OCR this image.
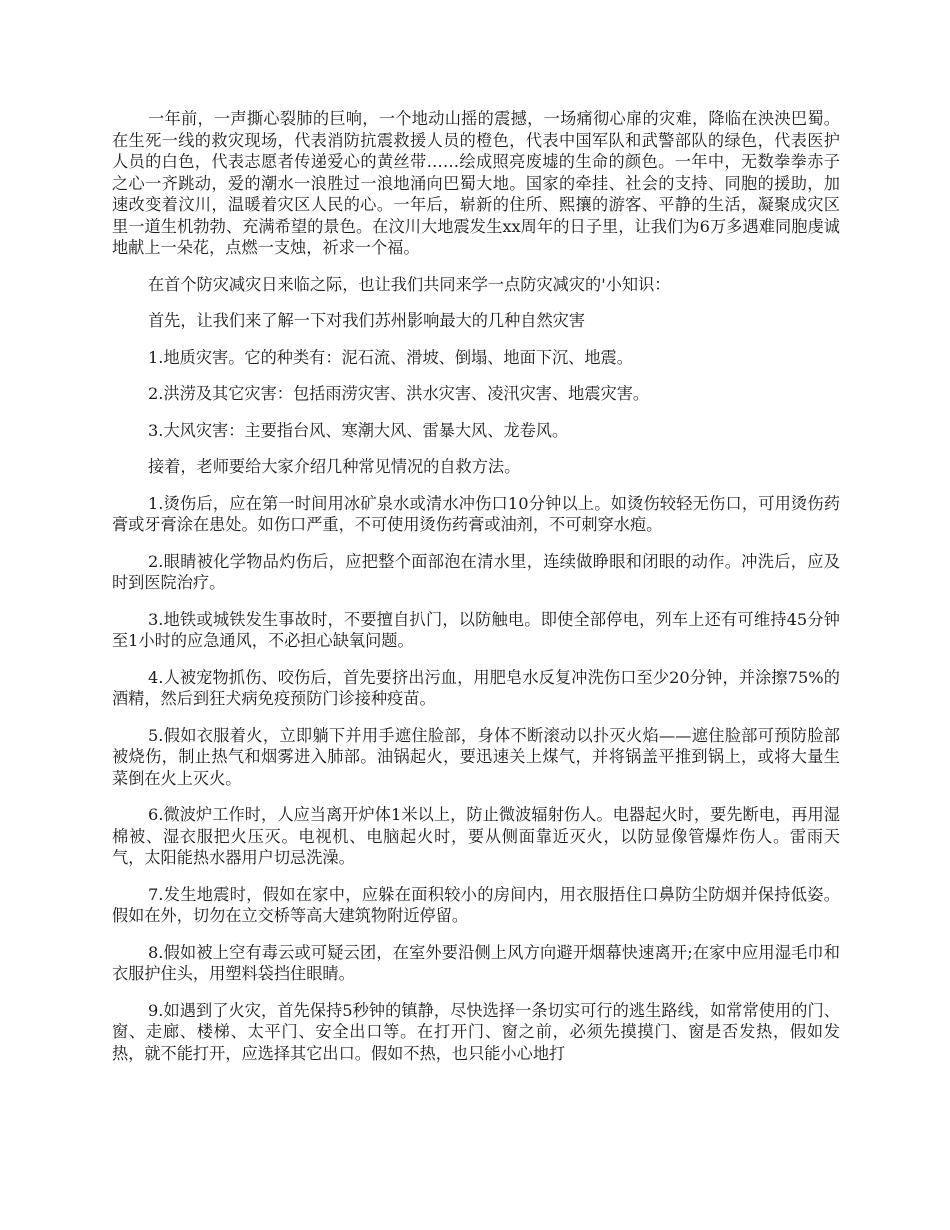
一年前，一声撕心裂肺的巨响，一个地动山摇的震撼，一场痛彻心扉的灾难，降临在泱泱巴蜀。在生死一线的救灾现场，代表消防抗震救援人员的橙色，代表中国军队和武警部队的绿色，代表医护人员的白色，代表志愿者传递爱心的黄丝带……绘成照亮废墟的生命的颜色。一年中，无数拳拳赤子之心一齐跳动，爱的潮水一浪胜过一浪地涌向巴蜀大地。国家的牵挂、社会的支持、同胞的援助，加速改变着汶川，温暖着灾区人民的心。一年后，崭新的住所、熙攘的游客、平静的生活，凝聚成灾区里一道生机勃勃、充满希望的景色。在汶川大地震发生xx周年的日子里，让我们为6万多遇难同胞虔诚地献上一朵花，点燃一支烛，祈求一个福。

在首个防灾减灾日来临之际，也让我们共同来学一点防灾减灾的'小知识：

首先，让我们来了解一下对我们苏州影响最大的几种自然灾害

1.地质灾害。它的种类有：泥石流、滑坡、倒塌、地面下沉、地震。

2.洪涝及其它灾害：包括雨涝灾害、洪水灾害、凌汛灾害、地震灾害。

3.大风灾害：主要指台风、寒潮大风、雷暴大风、龙卷风。

接着，老师要给大家介绍几种常见情况的自救方法。

1.烫伤后，应在第一时间用冰矿泉水或清水冲伤口10分钟以上。如烫伤较轻无伤口，可用烫伤药膏或牙膏涂在患处。如伤口严重，不可使用烫伤药膏或油剂，不可刺穿水疱。

2.眼睛被化学物品灼伤后，应把整个面部泡在清水里，连续做睁眼和闭眼的动作。冲洗后，应及时到医院治疗。

3.地铁或城铁发生事故时，不要擅自扒门，以防触电。即使全部停电，列车上还有可维持45分钟至1小时的应急通风，不必担心缺氧问题。

4.人被宠物抓伤、咬伤后，首先要挤出污血，用肥皂水反复冲洗伤口至少20分钟，并涂擦75%的酒精，然后到狂犬病免疫预防门诊接种疫苗。

5.假如衣服着火，立即躺下并用手遮住脸部，身体不断滚动以扑灭火焰——遮住脸部可预防脸部被烧伤，制止热气和烟雾进入肺部。油锅起火，要迅速关上煤气，并将锅盖平推到锅上，或将大量生菜倒在火上灭火。

6.微波炉工作时，人应当离开炉体1米以上，防止微波辐射伤人。电器起火时，要先断电，再用湿棉被、湿衣服把火压灭。电视机、电脑起火时，要从侧面靠近灭火，以防显像管爆炸伤人。雷雨天气，太阳能热水器用户切忌洗澡。

7.发生地震时，假如在家中，应躲在面积较小的房间内，用衣服捂住口鼻防尘防烟并保持低姿。假如在外，切勿在立交桥等高大建筑物附近停留。

8.假如被上空有毒云或可疑云团，在室外要沿侧上风方向避开烟幕快速离开;在家中应用湿毛巾和衣服护住头，用塑料袋挡住眼睛。

9.如遇到了火灾，首先保持5秒钟的镇静，尽快选择一条切实可行的逃生路线，如常常使用的门、窗、走廊、楼梯、太平门、安全出口等。在打开门、窗之前，必须先摸摸门、窗是否发热，假如发热，就不能打开，应选择其它出口。假如不热，也只能小心地打
